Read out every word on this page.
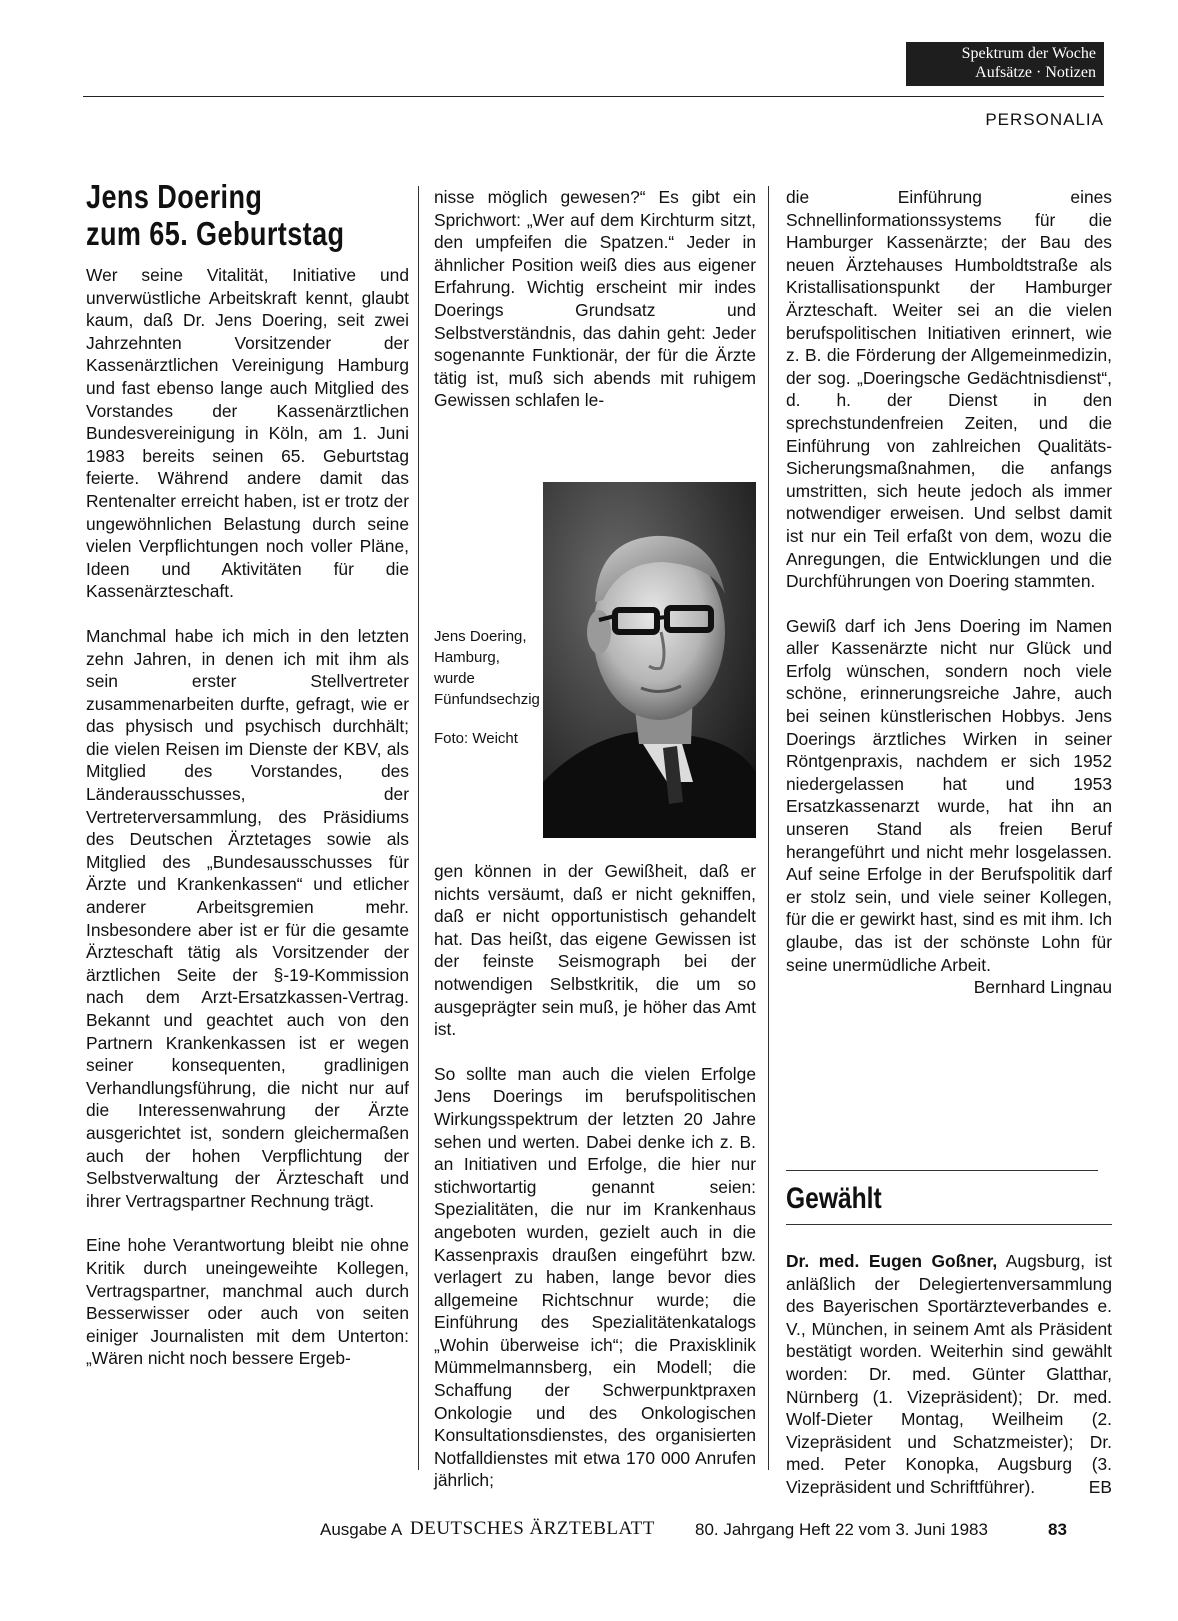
Spektrum der Woche
Aufsätze · Notizen
PERSONALIA
Jens Doering
zum 65. Geburtstag

Wer seine Vitalität, Initiative und unverwüstliche Arbeitskraft kennt, glaubt kaum, daß Dr. Jens Doering, seit zwei Jahrzehnten Vorsitzender der Kassenärztlichen Vereinigung Hamburg und fast ebenso lange auch Mitglied des Vorstandes der Kassenärztlichen Bundesvereinigung in Köln, am 1. Juni 1983 bereits seinen 65. Geburtstag feierte. Während andere damit das Rentenalter erreicht haben, ist er trotz der ungewöhnlichen Belastung durch seine vielen Verpflichtungen noch voller Pläne, Ideen und Aktivitäten für die Kassenärzteschaft.

Manchmal habe ich mich in den letzten zehn Jahren, in denen ich mit ihm als sein erster Stellvertreter zusammenarbeiten durfte, gefragt, wie er das physisch und psychisch durchhält; die vielen Reisen im Dienste der KBV, als Mitglied des Vorstandes, des Länderausschusses, der Vertreterversammlung, des Präsidiums des Deutschen Ärztetages sowie als Mitglied des „Bundesausschusses für Ärzte und Krankenkassen“ und etlicher anderer Arbeitsgremien mehr. Insbesondere aber ist er für die gesamte Ärzteschaft tätig als Vorsitzender der ärztlichen Seite der §-19-Kommission nach dem Arzt-Ersatzkassen-Vertrag. Bekannt und geachtet auch von den Partnern Krankenkassen ist er wegen seiner konsequenten, gradlinigen Verhandlungsführung, die nicht nur auf die Interessenwahrung der Ärzte ausgerichtet ist, sondern gleichermaßen auch der hohen Verpflichtung der Selbstverwaltung der Ärzteschaft und ihrer Vertragspartner Rechnung trägt.

Eine hohe Verantwortung bleibt nie ohne Kritik durch uneingeweihte Kollegen, Vertragspartner, manchmal auch durch Besserwisser oder auch von seiten einiger Journalisten mit dem Unterton: „Wären nicht noch bessere Ergeb-

nisse möglich gewesen?“ Es gibt ein Sprichwort: „Wer auf dem Kirchturm sitzt, den umpfeifen die Spatzen.“ Jeder in ähnlicher Position weiß dies aus eigener Erfahrung. Wichtig erscheint mir indes Doerings Grundsatz und Selbstverständnis, das dahin geht: Jeder sogenannte Funktionär, der für die Ärzte tätig ist, muß sich abends mit ruhigem Gewissen schlafen le-

Jens Doering, Hamburg, wurde Fünfundsechzig

Foto: Weicht

gen können in der Gewißheit, daß er nichts versäumt, daß er nicht gekniffen, daß er nicht opportunistisch gehandelt hat. Das heißt, das eigene Gewissen ist der feinste Seismograph bei der notwendigen Selbstkritik, die um so ausgeprägter sein muß, je höher das Amt ist.

So sollte man auch die vielen Erfolge Jens Doerings im berufspolitischen Wirkungsspektrum der letzten 20 Jahre sehen und werten. Dabei denke ich z. B. an Initiativen und Erfolge, die hier nur stichwortartig genannt seien: Spezialitäten, die nur im Krankenhaus angeboten wurden, gezielt auch in die Kassenpraxis draußen eingeführt bzw. verlagert zu haben, lange bevor dies allgemeine Richtschnur wurde; die Einführung des Spezialitätenkatalogs „Wohin überweise ich“; die Praxisklinik Mümmelmannsberg, ein Modell; die Schaffung der Schwerpunktpraxen Onkologie und des Onkologischen Konsultationsdienstes, des organisierten Notfalldienstes mit etwa 170 000 Anrufen jährlich;

die Einführung eines Schnellinformationssystems für die Hamburger Kassenärzte; der Bau des neuen Ärztehauses Humboldtstraße als Kristallisationspunkt der Hamburger Ärzteschaft. Weiter sei an die vielen berufspolitischen Initiativen erinnert, wie z. B. die Förderung der Allgemeinmedizin, der sog. „Doeringsche Gedächtnisdienst“, d. h. der Dienst in den sprechstundenfreien Zeiten, und die Einführung von zahlreichen Qualitäts-Sicherungsmaßnahmen, die anfangs umstritten, sich heute jedoch als immer notwendiger erweisen. Und selbst damit ist nur ein Teil erfaßt von dem, wozu die Anregungen, die Entwicklungen und die Durchführungen von Doering stammten.

Gewiß darf ich Jens Doering im Namen aller Kassenärzte nicht nur Glück und Erfolg wünschen, sondern noch viele schöne, erinnerungsreiche Jahre, auch bei seinen künstlerischen Hobbys. Jens Doerings ärztliches Wirken in seiner Röntgenpraxis, nachdem er sich 1952 niedergelassen hat und 1953 Ersatzkassenarzt wurde, hat ihn an unseren Stand als freien Beruf herangeführt und nicht mehr losgelassen. Auf seine Erfolge in der Berufspolitik darf er stolz sein, und viele seiner Kollegen, für die er gewirkt hast, sind es mit ihm. Ich glaube, das ist der schönste Lohn für seine unermüdliche Arbeit.
Bernhard Lingnau

Gewählt

Dr. med. Eugen Goßner, Augsburg, ist anläßlich der Delegiertenversammlung des Bayerischen Sportärzteverbandes e. V., München, in seinem Amt als Präsident bestätigt worden. Weiterhin sind gewählt worden: Dr. med. Günter Glatthar, Nürnberg (1. Vizepräsident); Dr. med. Wolf-Dieter Montag, Weilheim (2. Vizepräsident und Schatzmeister); Dr. med. Peter Konopka, Augsburg (3. Vizepräsident und Schriftführer).	EB

Ausgabe A DEUTSCHES ÄRZTEBLATT 80. Jahrgang Heft 22 vom 3. Juni 1983	83
